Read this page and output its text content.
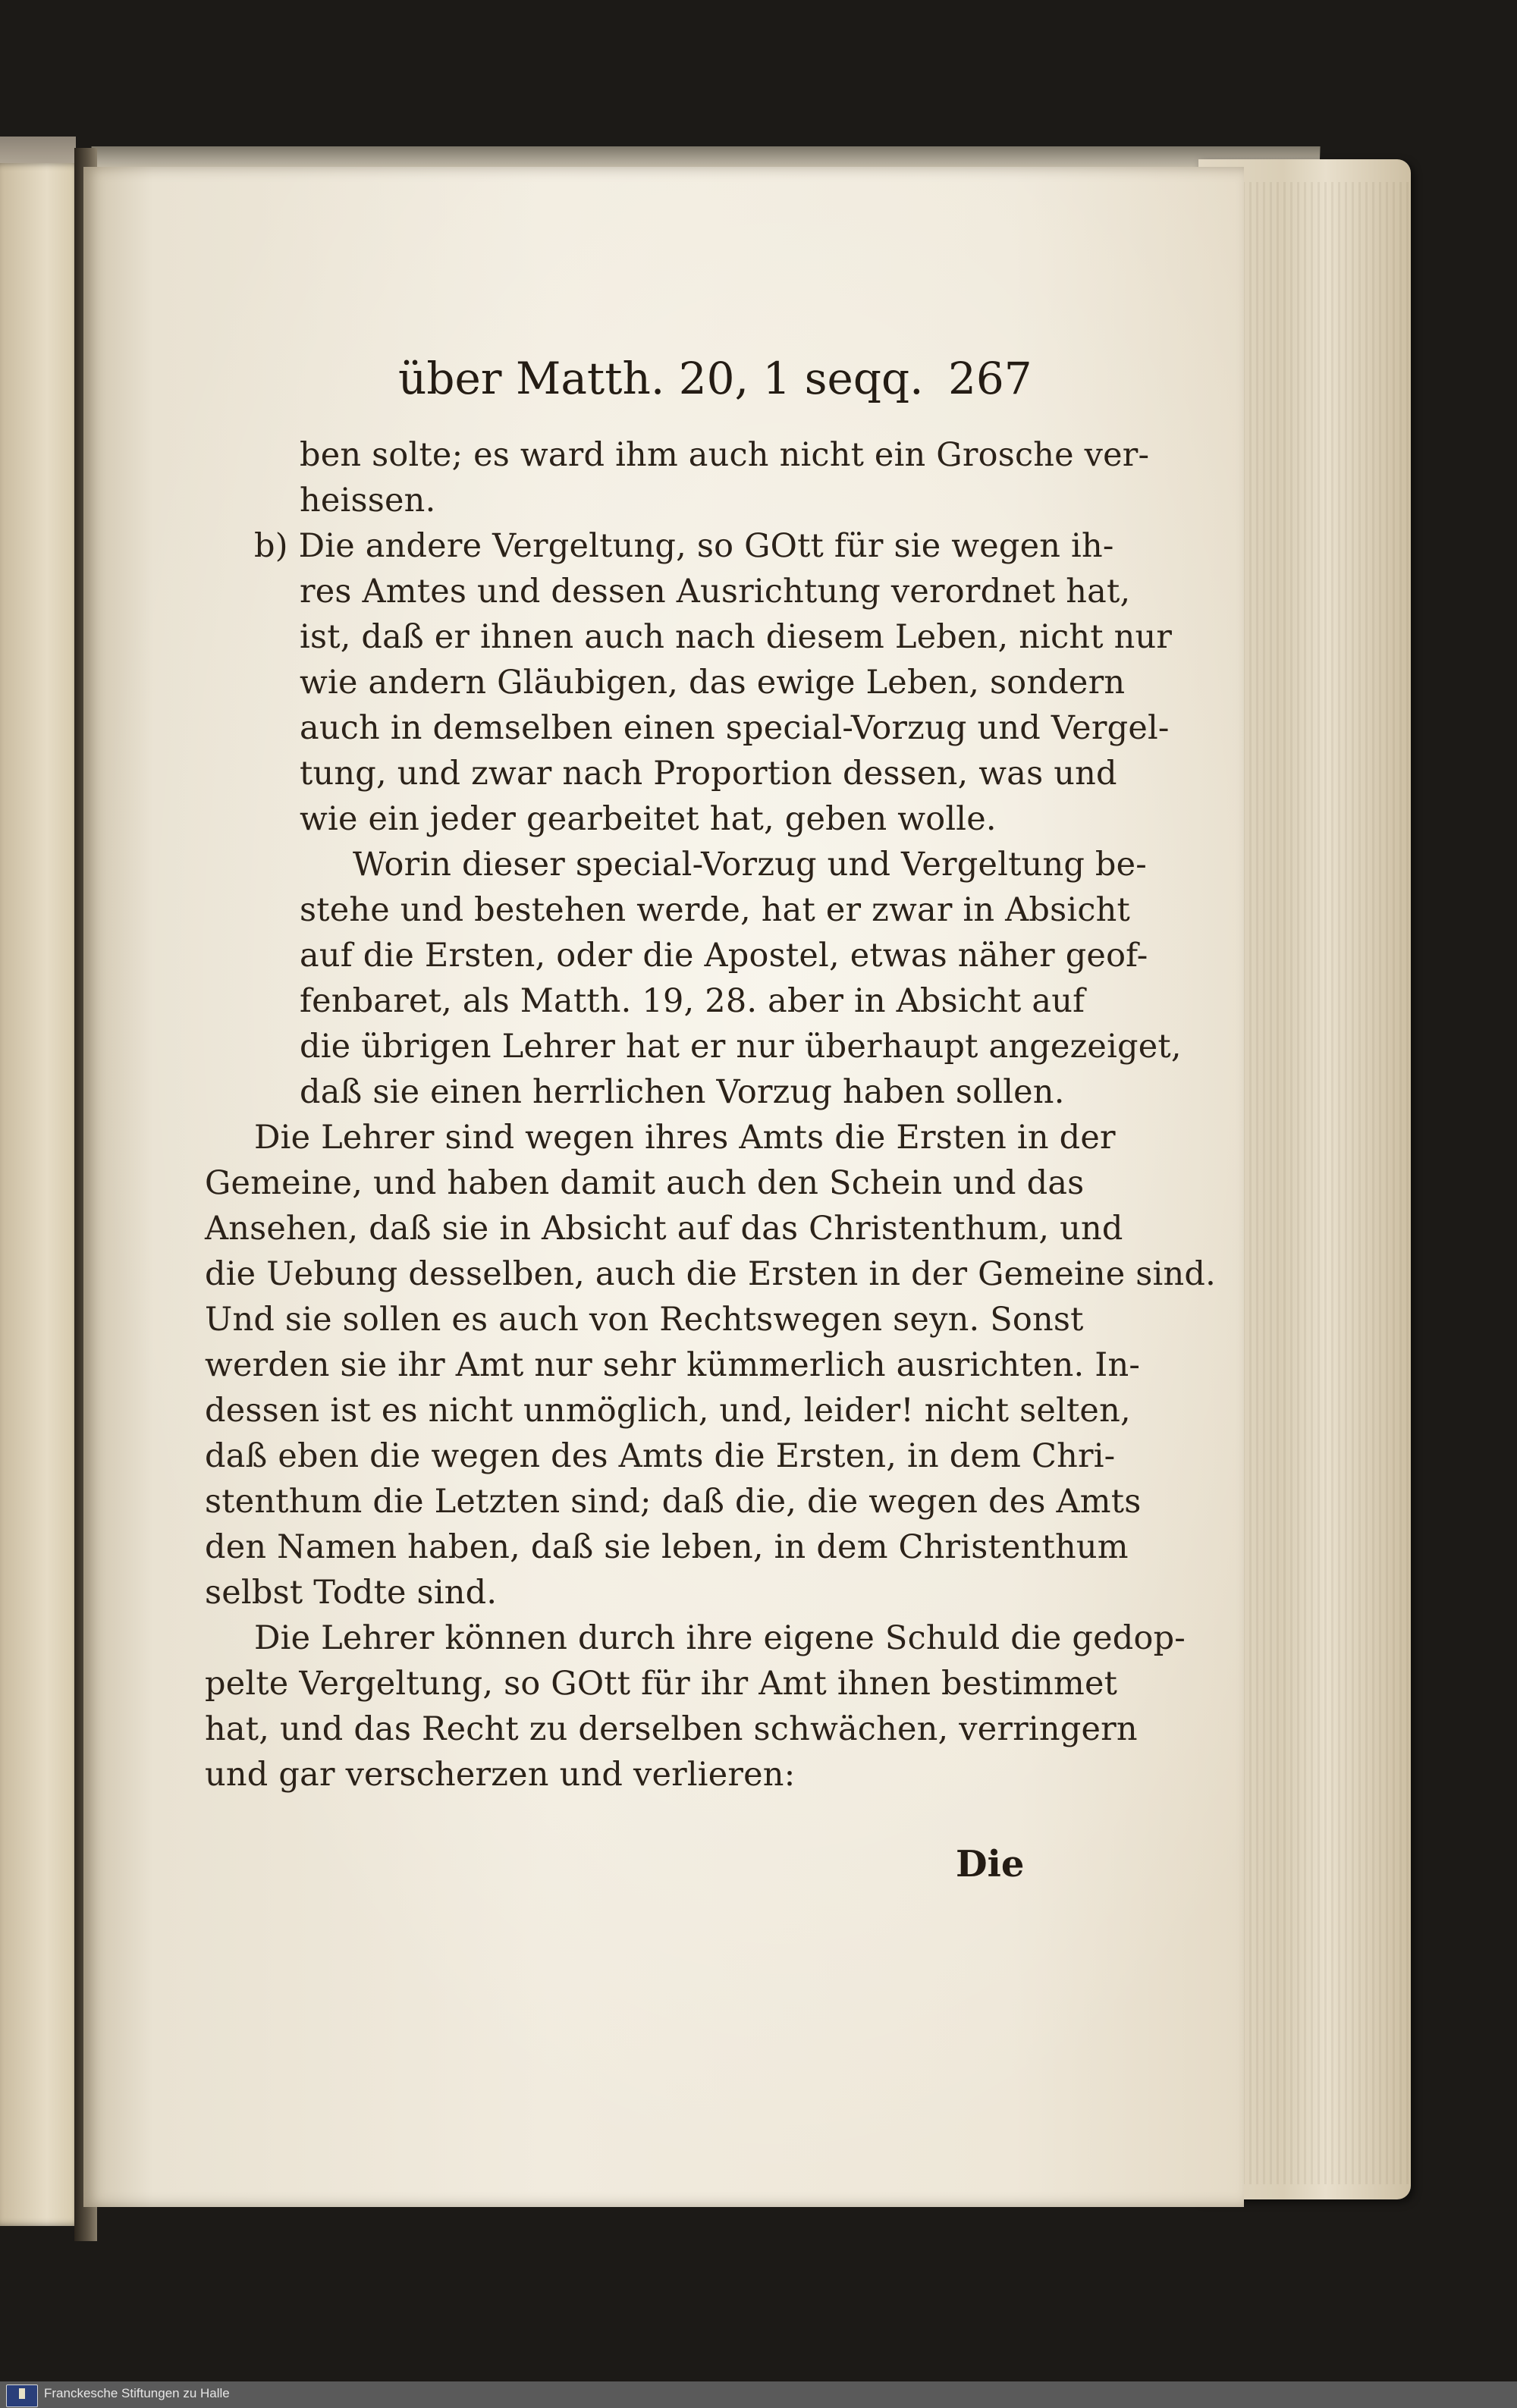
über Matth. 20, 1 seqq. 267
ben solte; es ward ihm auch nicht ein Grosche ver-
heissen.
b) Die andere Vergeltung, so GOtt für sie wegen ih-
res Amtes und dessen Ausrichtung verordnet hat,
ist, daß er ihnen auch nach diesem Leben, nicht nur
wie andern Gläubigen, das ewige Leben, sondern
auch in demselben einen special-Vorzug und Vergel-
tung, und zwar nach Proportion dessen, was und
wie ein jeder gearbeitet hat, geben wolle.
Worin dieser special-Vorzug und Vergeltung be-
stehe und bestehen werde, hat er zwar in Absicht
auf die Ersten, oder die Apostel, etwas näher geof-
fenbaret, als Matth. 19, 28. aber in Absicht auf
die übrigen Lehrer hat er nur überhaupt angezeiget,
daß sie einen herrlichen Vorzug haben sollen.
Die Lehrer sind wegen ihres Amts die Ersten in der
Gemeine, und haben damit auch den Schein und das
Ansehen, daß sie in Absicht auf das Christenthum, und
die Uebung desselben, auch die Ersten in der Gemeine sind.
Und sie sollen es auch von Rechtswegen seyn. Sonst
werden sie ihr Amt nur sehr kümmerlich ausrichten. In-
dessen ist es nicht unmöglich, und, leider! nicht selten,
daß eben die wegen des Amts die Ersten, in dem Chri-
stenthum die Letzten sind; daß die, die wegen des Amts
den Namen haben, daß sie leben, in dem Christenthum
selbst Todte sind.
Die Lehrer können durch ihre eigene Schuld die gedop-
pelte Vergeltung, so GOtt für ihr Amt ihnen bestimmet
hat, und das Recht zu derselben schwächen, verringern
und gar verscherzen und verlieren:
Die
Franckesche Stiftungen zu Halle
